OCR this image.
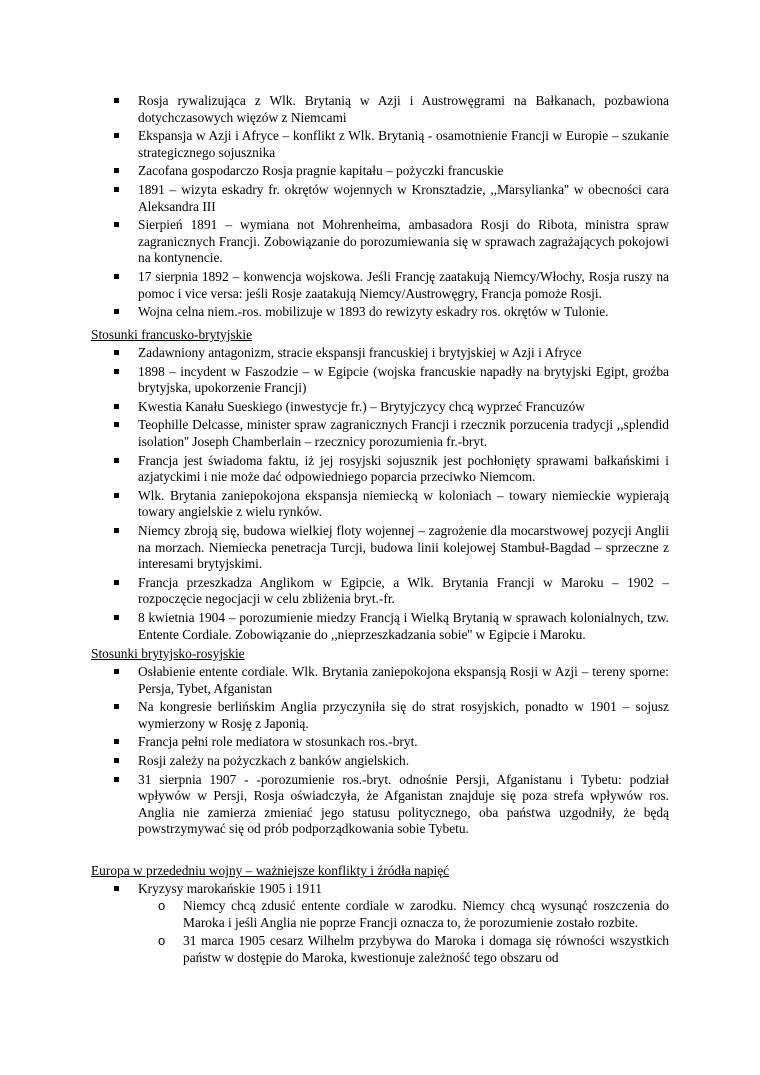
Rosja rywalizująca z Wlk. Brytanią w Azji i Austrowęgrami na Bałkanach, pozbawiona dotychczasowych więzów z Niemcami
Ekspansja w Azji i Afryce – konflikt z Wlk. Brytanią - osamotnienie Francji w Europie – szukanie strategicznego sojusznika
Zacofana gospodarczo Rosja pragnie kapitału – pożyczki francuskie
1891 – wizyta eskadry fr. okrętów wojennych w Kronsztadzie, ,,Marsylianka'' w obecności cara Aleksandra III
Sierpień 1891 – wymiana not Mohrenheima, ambasadora Rosji do Ribota, ministra spraw zagranicznych Francji. Zobowiązanie do porozumiewania się w sprawach zagrażających pokojowi na kontynencie.
17 sierpnia 1892 – konwencja wojskowa. Jeśli Francję zaatakują Niemcy/Włochy, Rosja ruszy na pomoc i vice versa: jeśli Rosje zaatakują Niemcy/Austrowęgry, Francja pomoże Rosji.
Wojna celna niem.-ros. mobilizuje w 1893 do rewizyty eskadry ros. okrętów w Tulonie.
Stosunki francusko-brytyjskie
Zadawniony antagonizm, stracie ekspansji francuskiej i brytyjskiej w Azji i Afryce
1898 – incydent w Faszodzie – w Egipcie (wojska francuskie napadły na brytyjski Egipt, groźba brytyjska, upokorzenie Francji)
Kwestia Kanału Sueskiego (inwestycje fr.) – Brytyjczycy chcą wyprzeć Francuzów
Teophille Delcasse, minister spraw zagranicznych Francji i rzecznik porzucenia tradycji ,,splendid isolation'' Joseph Chamberlain – rzecznicy porozumienia fr.-bryt.
Francja jest świadoma faktu, iż jej rosyjski sojusznik jest pochłonięty sprawami bałkańskimi i azjatyckimi i nie może dać odpowiedniego poparcia przeciwko Niemcom.
Wlk. Brytania zaniepokojona ekspansja niemiecką w koloniach – towary niemieckie wypierają towary angielskie z wielu rynków.
Niemcy zbroją się, budowa wielkiej floty wojennej – zagrożenie dla mocarstwowej pozycji Anglii na morzach. Niemiecka penetracja Turcji, budowa linii kolejowej Stambuł-Bagdad – sprzeczne z interesami brytyjskimi.
Francja przeszkadza Anglikom w Egipcie, a Wlk. Brytania Francji w Maroku – 1902 – rozpoczęcie negocjacji w celu zbliżenia bryt.-fr.
8 kwietnia 1904 – porozumienie miedzy Francją i Wielką Brytanią w sprawach kolonialnych, tzw. Entente Cordiale. Zobowiązanie do ,,nieprzeszkadzania sobie'' w Egipcie i Maroku.
Stosunki brytyjsko-rosyjskie
Osłabienie entente cordiale. Wlk. Brytania zaniepokojona ekspansją Rosji w Azji – tereny sporne: Persja, Tybet, Afganistan
Na kongresie berlińskim Anglia przyczyniła się do strat rosyjskich, ponadto w 1901 – sojusz wymierzony w Rosję z Japonią.
Francja pełni role mediatora w stosunkach ros.-bryt.
Rosji zależy na pożyczkach z banków angielskich.
31 sierpnia 1907 - -porozumienie ros.-bryt. odnośnie Persji, Afganistanu i Tybetu: podział wpływów w Persji, Rosja oświadczyła, że Afganistan znajduje się poza strefa wpływów ros. Anglia nie zamierza zmieniać jego statusu politycznego, oba państwa uzgodniły, że będą powstrzymywać się od prób podporządkowania sobie Tybetu.
Europa w przededniu wojny – ważniejsze konflikty i źródła napięć
Kryzysy marokańskie 1905 i 1911
o Niemcy chcą zdusić entente cordiale w zarodku. Niemcy chcą wysunąć roszczenia do Maroka i jeśli Anglia nie poprze Francji oznacza to, że porozumienie zostało rozbite.
o 31 marca 1905 cesarz Wilhelm przybywa do Maroka i domaga się równości wszystkich państw w dostępie do Maroka, kwestionuje zależność tego obszaru od
